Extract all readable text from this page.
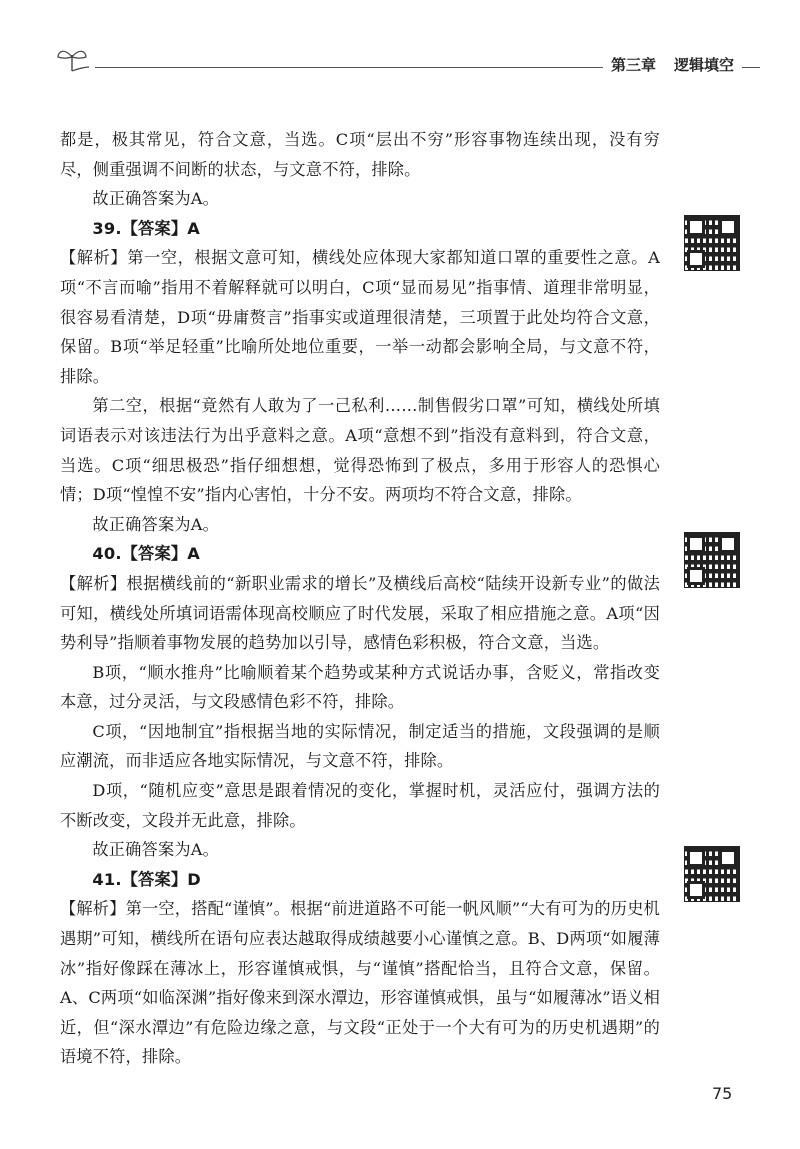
第三章 逻辑填空

都是，极其常见，符合文意，当选。C项“层出不穷”形容事物连续出现，没有穷尽，侧重强调不间断的状态，与文意不符，排除。

故正确答案为A。

39.【答案】A

【解析】第一空，根据文意可知，横线处应体现大家都知道口罩的重要性之意。A项“不言而喻”指用不着解释就可以明白，C项“显而易见”指事情、道理非常明显，很容易看清楚，D项“毋庸赘言”指事实或道理很清楚，三项置于此处均符合文意，保留。B项“举足轻重”比喻所处地位重要，一举一动都会影响全局，与文意不符，排除。

第二空，根据“竟然有人敢为了一己私利……制售假劣口罩”可知，横线处所填词语表示对该违法行为出乎意料之意。A项“意想不到”指没有意料到，符合文意，当选。C项“细思极恐”指仔细想想，觉得恐怖到了极点，多用于形容人的恐惧心情；D项“惶惶不安”指内心害怕，十分不安。两项均不符合文意，排除。

故正确答案为A。

40.【答案】A

【解析】根据横线前的“新职业需求的增长”及横线后高校“陆续开设新专业”的做法可知，横线处所填词语需体现高校顺应了时代发展，采取了相应措施之意。A项“因势利导”指顺着事物发展的趋势加以引导，感情色彩积极，符合文意，当选。

B项，“顺水推舟”比喻顺着某个趋势或某种方式说话办事，含贬义，常指改变本意，过分灵活，与文段感情色彩不符，排除。

C项，“因地制宜”指根据当地的实际情况，制定适当的措施，文段强调的是顺应潮流，而非适应各地实际情况，与文意不符，排除。

D项，“随机应变”意思是跟着情况的变化，掌握时机，灵活应付，强调方法的不断改变，文段并无此意，排除。

故正确答案为A。

41.【答案】D

【解析】第一空，搭配“谨慎”。根据“前进道路不可能一帆风顺”“大有可为的历史机遇期”可知，横线所在语句应表达越取得成绩越要小心谨慎之意。B、D两项“如履薄冰”指好像踩在薄冰上，形容谨慎戒惧，与“谨慎”搭配恰当，且符合文意，保留。A、C两项“如临深渊”指好像来到深水潭边，形容谨慎戒惧，虽与“如履薄冰”语义相近，但“深水潭边”有危险边缘之意，与文段“正处于一个大有可为的历史机遇期”的语境不符，排除。

75
